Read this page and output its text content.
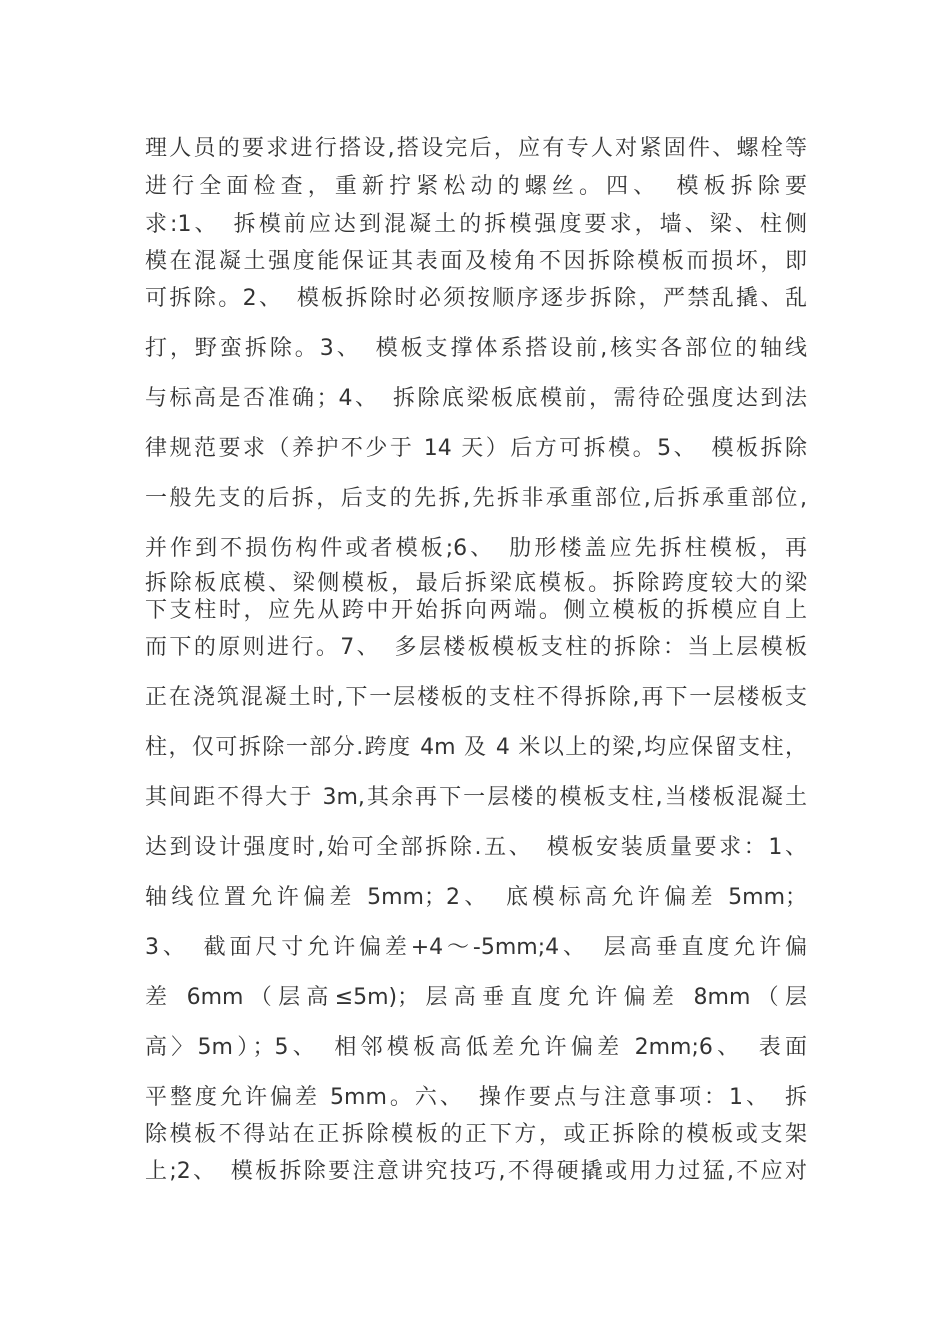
理人员的要求进行搭设,搭设完后，应有专人对紧固件、螺栓等
进行全面检查，重新拧紧松动的螺丝。四、　模板拆除要
求:1、　拆模前应达到混凝土的拆模强度要求，墙、梁、柱侧
模在混凝土强度能保证其表面及棱角不因拆除模板而损坏，即
可拆除。2、　模板拆除时必须按顺序逐步拆除，严禁乱撬、乱
打，野蛮拆除。3、　模板支撑体系搭设前,核实各部位的轴线
与标高是否准确；4、　拆除底梁板底模前，需待砼强度达到法
律规范要求（养护不少于 14 天）后方可拆模。5、　模板拆除
一般先支的后拆，后支的先拆,先拆非承重部位,后拆承重部位,
并作到不损伤构件或者模板;6、　肋形楼盖应先拆柱模板，再
拆除板底模、梁侧模板，最后拆梁底模板。拆除跨度较大的梁
下支柱时，应先从跨中开始拆向两端。侧立模板的拆模应自上
而下的原则进行。7、　多层楼板模板支柱的拆除：当上层模板
正在浇筑混凝土时,下一层楼板的支柱不得拆除,再下一层楼板支
柱，仅可拆除一部分.跨度 4m 及 4 米以上的梁,均应保留支柱，
其间距不得大于 3m,其余再下一层楼的模板支柱,当楼板混凝土
达到设计强度时,始可全部拆除.五、　模板安装质量要求：1、
轴线位置允许偏差 5mm；2、　底模标高允许偏差 5mm；
3、　截面尺寸允许偏差+4～-5mm;4、　层高垂直度允许偏
差 6mm（层高≤5m)；层高垂直度允许偏差 8mm（层
高〉5m）；5、　相邻模板高低差允许偏差 2mm;6、　表面
平整度允许偏差 5mm。六、　操作要点与注意事项：1、　拆
除模板不得站在正拆除模板的正下方，或正拆除的模板或支架
上;2、　模板拆除要注意讲究技巧,不得硬撬或用力过猛,不应对
